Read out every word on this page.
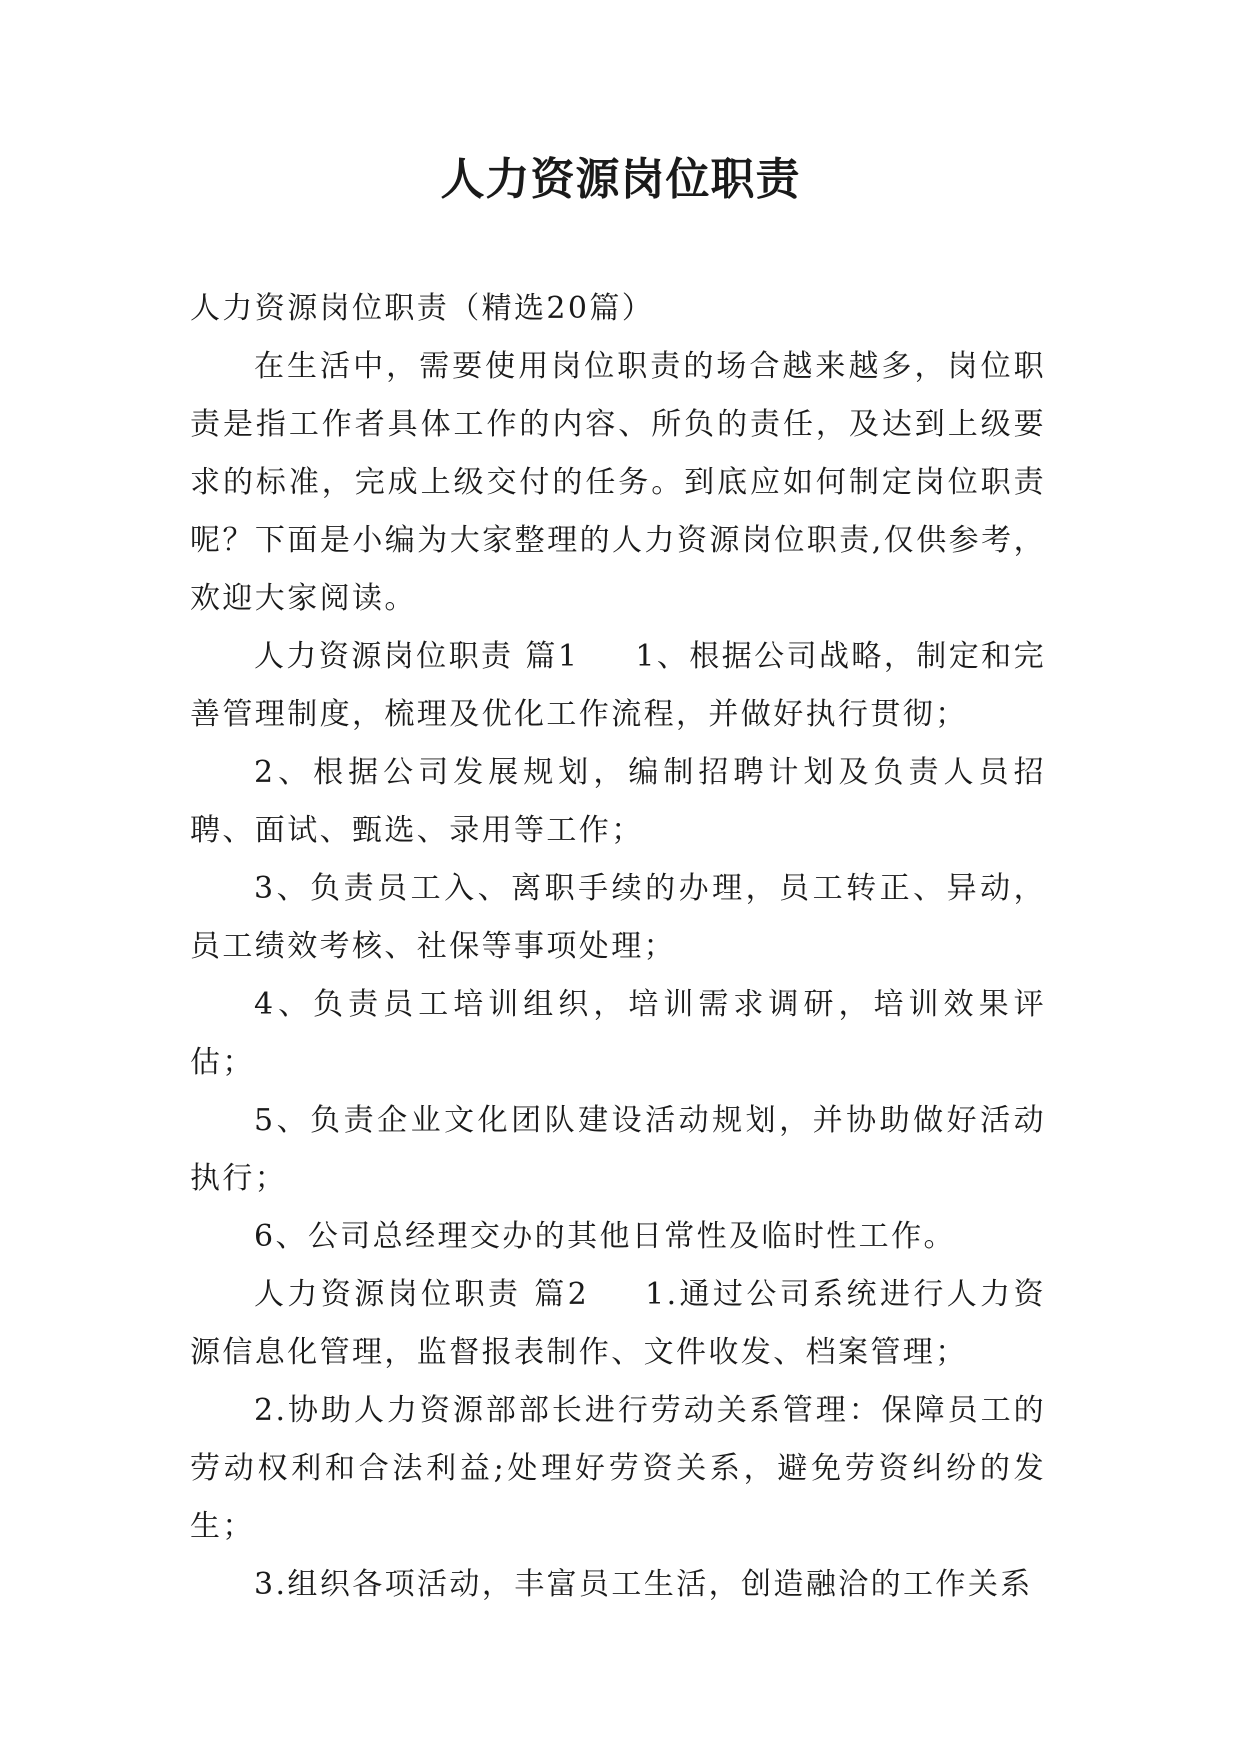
人力资源岗位职责

人力资源岗位职责（精选20篇）

在生活中，需要使用岗位职责的场合越来越多，岗位职责是指工作者具体工作的内容、所负的责任，及达到上级要求的标准，完成上级交付的任务。到底应如何制定岗位职责呢？下面是小编为大家整理的人力资源岗位职责,仅供参考，欢迎大家阅读。

人力资源岗位职责 篇1 1、根据公司战略，制定和完善管理制度，梳理及优化工作流程，并做好执行贯彻；

2、根据公司发展规划，编制招聘计划及负责人员招聘、面试、甄选、录用等工作；

3、负责员工入、离职手续的办理，员工转正、异动，员工绩效考核、社保等事项处理；

4、负责员工培训组织，培训需求调研，培训效果评估；

5、负责企业文化团队建设活动规划，并协助做好活动执行；

6、公司总经理交办的其他日常性及临时性工作。

人力资源岗位职责 篇2 1.通过公司系统进行人力资源信息化管理，监督报表制作、文件收发、档案管理；

2.协助人力资源部部长进行劳动关系管理：保障员工的劳动权利和合法利益;处理好劳资关系，避免劳资纠纷的发生；

3.组织各项活动，丰富员工生活，创造融洽的工作关系
